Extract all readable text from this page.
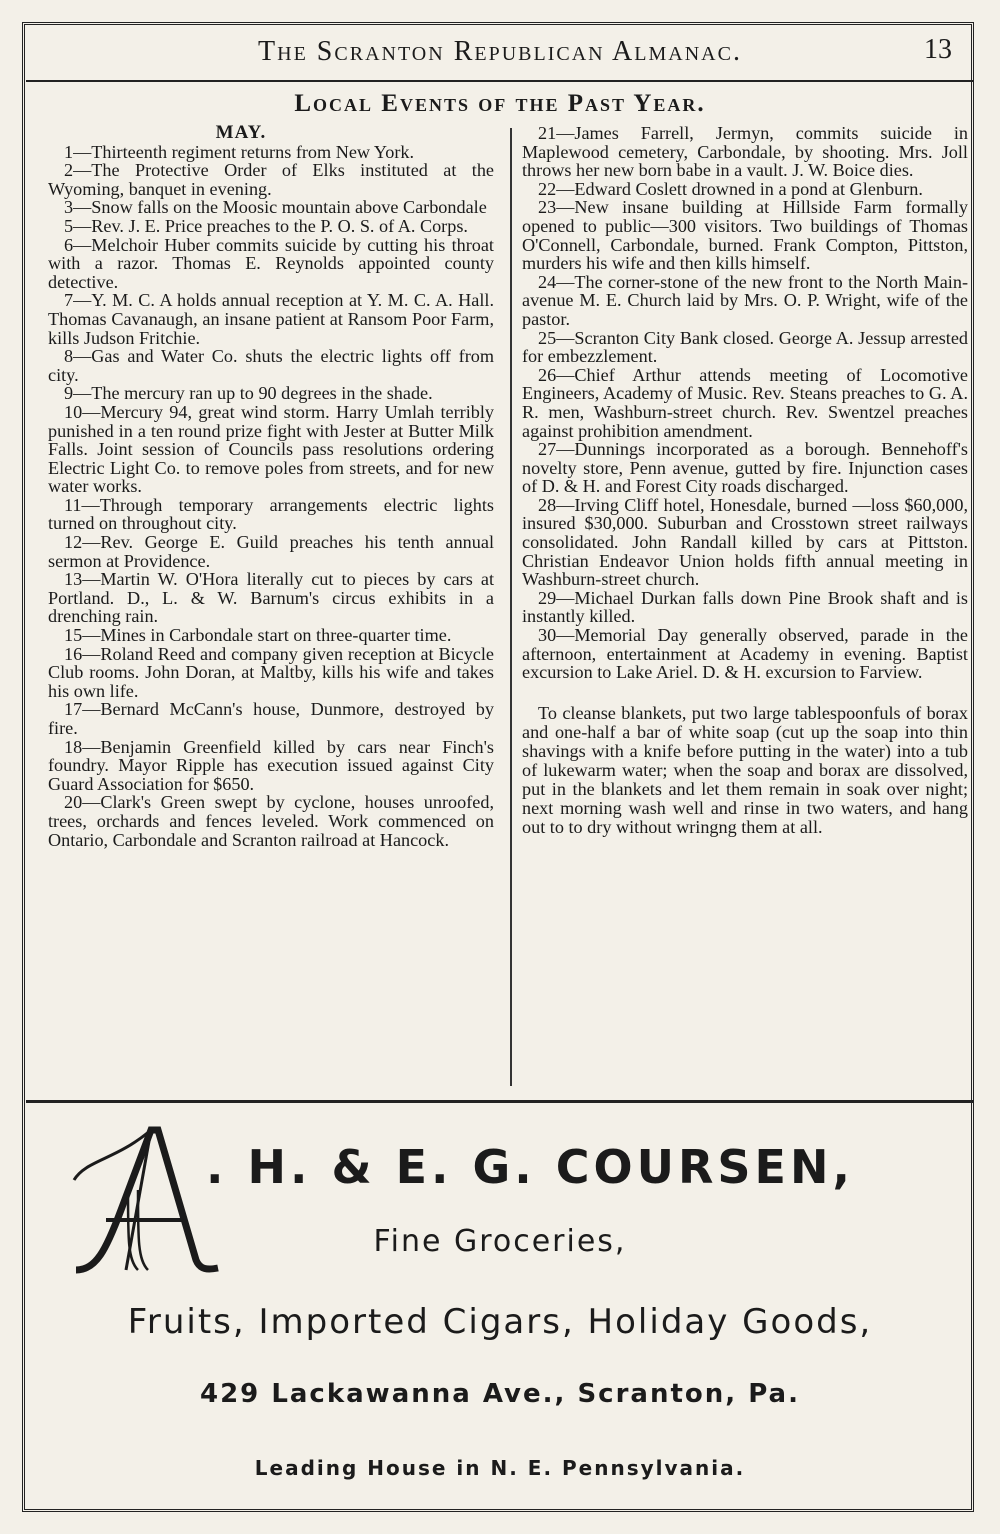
The Scranton Republican Almanac.	13
Local Events of the Past Year.
MAY.

1—Thirteenth regiment returns from New York.

2—The Protective Order of Elks instituted at the Wyoming, banquet in evening.

3—Snow falls on the Moosic mountain above Carbondale

5—Rev. J. E. Price preaches to the P. O. S. of A. Corps.

6—Melchoir Huber commits suicide by cutting his throat with a razor. Thomas E. Reynolds appointed county detective.

7—Y. M. C. A holds annual reception at Y. M. C. A. Hall. Thomas Cavanaugh, an insane patient at Ransom Poor Farm, kills Judson Fritchie.

8—Gas and Water Co. shuts the electric lights off from city.

9—The mercury ran up to 90 degrees in the shade.

10—Mercury 94, great wind storm. Harry Umlah terribly punished in a ten round prize fight with Jester at Butter Milk Falls. Joint session of Councils pass resolutions ordering Electric Light Co. to remove poles from streets, and for new water works.

11—Through temporary arrangements electric lights turned on throughout city.

12—Rev. George E. Guild preaches his tenth annual sermon at Providence.

13—Martin W. O'Hora literally cut to pieces by cars at Portland. D., L. & W. Barnum's circus exhibits in a drenching rain.

15—Mines in Carbondale start on three-quarter time.

16—Roland Reed and company given reception at Bicycle Club rooms. John Doran, at Maltby, kills his wife and takes his own life.

17—Bernard McCann's house, Dunmore, destroyed by fire.

18—Benjamin Greenfield killed by cars near Finch's foundry. Mayor Ripple has execution issued against City Guard Association for $650.

20—Clark's Green swept by cyclone, houses unroofed, trees, orchards and fences leveled. Work commenced on Ontario, Carbondale and Scranton railroad at Hancock.

21—James Farrell, Jermyn, commits suicide in Maplewood cemetery, Carbondale, by shooting. Mrs. Joll throws her new born babe in a vault. J. W. Boice dies.

22—Edward Coslett drowned in a pond at Glenburn.

23—New insane building at Hillside Farm formally opened to public—300 visitors. Two buildings of Thomas O'Connell, Carbondale, burned. Frank Compton, Pittston, murders his wife and then kills himself.

24—The corner-stone of the new front to the North Main-avenue M. E. Church laid by Mrs. O. P. Wright, wife of the pastor.

25—Scranton City Bank closed. George A. Jessup arrested for embezzlement.

26—Chief Arthur attends meeting of Locomotive Engineers, Academy of Music. Rev. Steans preaches to G. A. R. men, Washburn-street church. Rev. Swentzel preaches against prohibition amendment.

27—Dunnings incorporated as a borough. Bennehoff's novelty store, Penn avenue, gutted by fire. Injunction cases of D. & H. and Forest City roads discharged.

28—Irving Cliff hotel, Honesdale, burned —loss $60,000, insured $30,000. Suburban and Crosstown street railways consolidated. John Randall killed by cars at Pittston. Christian Endeavor Union holds fifth annual meeting in Washburn-street church.

29—Michael Durkan falls down Pine Brook shaft and is instantly killed.

30—Memorial Day generally observed, parade in the afternoon, entertainment at Academy in evening. Baptist excursion to Lake Ariel. D. & H. excursion to Farview.

To cleanse blankets, put two large tablespoonfuls of borax and one-half a bar of white soap (cut up the soap into thin shavings with a knife before putting in the water) into a tub of lukewarm water; when the soap and borax are dissolved, put in the blankets and let them remain in soak over night; next morning wash well and rinse in two waters, and hang out to to dry without wringng them at all.

. H. & E. G. COURSEN,
Fine Groceries,
Fruits, Imported Cigars, Holiday Goods,
429 Lackawanna Ave., Scranton, Pa.
Leading House in N. E. Pennsylvania.
